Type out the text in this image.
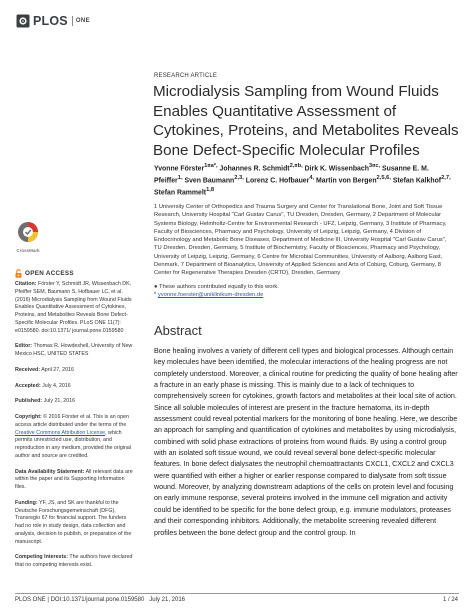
PLOS ONE
RESEARCH ARTICLE
Microdialysis Sampling from Wound Fluids Enables Quantitative Assessment of Cytokines, Proteins, and Metabolites Reveals Bone Defect-Specific Molecular Profiles
Yvonne Förster$^{1¤a*,}$ Johannes R. Schmidt$^{2,¤b,}$ Dirk K. Wissenbach$^{3¤c,}$ Susanne E. M. Pfeiffer$^{1,}$ Sven Baumann$^{2,3,}$ Lorenz C. Hofbauer$^{4,}$ Martin von Bergen$^{2,5,6,}$ Stefan Kalkhof$^{2,7,}$ Stefan Rammelt$^{1,8}$
1 University Center of Orthopedics and Trauma Surgery and Center for Translational Bone, Joint and Soft Tissue Research, University Hospital "Carl Gustav Carus", TU Dresden, Dresden, Germany, 2 Department of Molecular Systems Biology, Helmholtz-Centre for Environmental Research - UFZ, Leipzig, Germany, 3 Institute of Pharmacy, Faculty of Biosciences, Pharmacy and Psychology, University of Leipzig, Leipzig, Germany, 4 Division of Endocrinology and Metabolic Bone Diseases, Department of Medicine III, University Hospital "Carl Gustav Carus", TU Dresden, Dresden, Germany, 5 Institute of Biochemistry, Faculty of Biosciences, Pharmacy and Psychology, University of Leipzig, Leipzig, Germany, 6 Centre for Microbial Communities, University of Aalborg, Aalborg East, Denmark, 7 Department of Bioanalytics, University of Applied Sciences and Arts of Coburg, Coburg, Germany, 8 Center for Regenerative Therapies Dresden (CRTD), Dresden, Germany
● These authors contributed equally to this work.
* yvonne.foerster@uniklinikum-dresden.de
Abstract

Bone healing involves a variety of different cell types and biological processes. Although certain key molecules have been identified, the molecular interactions of the healing progress are not completely understood. Moreover, a clinical routine for predicting the quality of bone healing after a fracture in an early phase is missing. This is mainly due to a lack of techniques to comprehensively screen for cytokines, growth factors and metabolites at their local site of action. Since all soluble molecules of interest are present in the fracture hematoma, its in-depth assessment could reveal potential markers for the monitoring of bone healing. Here, we describe an approach for sampling and quantification of cytokines and metabolites by using microdialysis, combined with solid phase extractions of proteins from wound fluids. By using a control group with an isolated soft tissue wound, we could reveal several bone defect-specific molecular features. In bone defect dialysates the neutrophil chemoattractants CXCL1, CXCL2 and CXCL3 were quantified with either a higher or earlier response compared to dialysate from soft tissue wound. Moreover, by analyzing downstream adaptions of the cells on protein level and focusing on early immune response, several proteins involved in the immune cell migration and activity could be identified to be specific for the bone defect group, e.g. immune modulators, proteases and their corresponding inhibitors. Additionally, the metabolite screening revealed different profiles between the bone defect group and the control group. In

CrossMark
OPEN ACCESS

Citation: Förster Y, Schmidt JR, Wissenbach DK, Pfeiffer SEM, Baumann S, Hofbauer LC, et al. (2016) Microdialysis Sampling from Wound Fluids Enables Quantitative Assessment of Cytokines, Proteins, and Metabolites Reveals Bone Defect-Specific Molecular Profiles. PLoS ONE 11(7): e0159580. doi:10.1371/ journal.pone.0159580

Editor: Thomas R. Howdeshell, University of New Mexico HSC, UNITED STATES

Received: April 27, 2016

Accepted: July 4, 2016

Published: July 21, 2016

Copyright: © 2016 Förster et al. This is an open access article distributed under the terms of the Creative Commons Attribution License, which permits unrestricted use, distribution, and reproduction in any medium, provided the original author and source are credited.

Data Availability Statement: All relevant data are within the paper and its Supporting Information files.

Funding: YF, JS, and SK are thankful to the Deutsche Forschungsgemeinschaft (DFG), Transregio 67 for financial support. The funders had no role in study design, data collection and analysis, decision to publish, or preparation of the manuscript.

Competing Interests: The authors have declared that no competing interests exist.

PLOS ONE | DOI:10.1371/journal.pone.0159580   July 21, 2016	1 / 24
